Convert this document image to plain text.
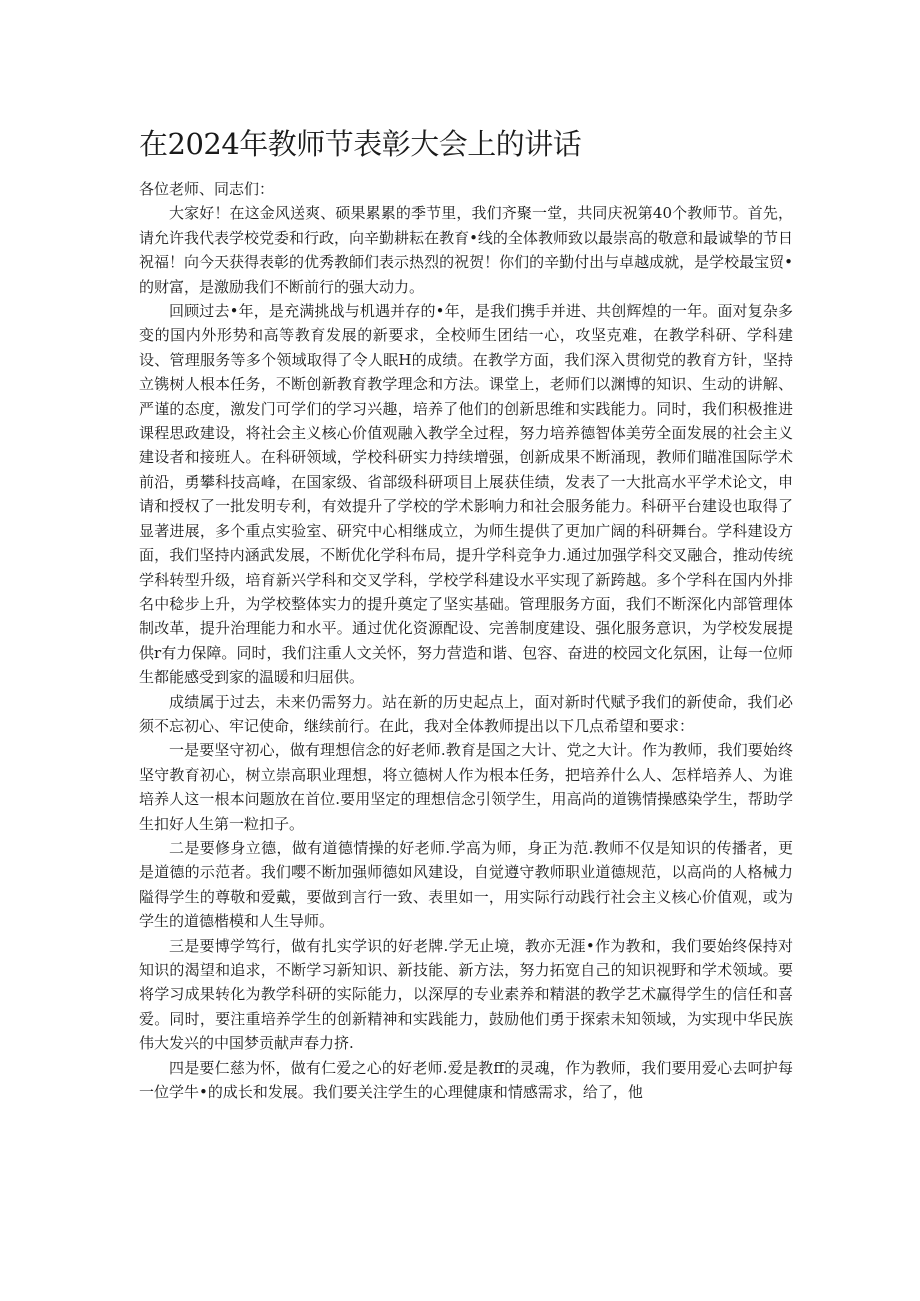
在2024年教师节表彰大会上的讲话

各位老师、同志们：

大家好！在这金风送爽、硕果累累的季节里，我们齐聚一堂，共同庆祝第40个教师节。首先，请允许我代表学校党委和行政，向辛勤耕耘在教育•线的全体教师致以最崇高的敬意和最诚挚的节日祝福！向今天获得表彰的优秀教師们表示热烈的祝贺！你们的辛勤付出与卓越成就，是学校最宝贸•的财富，是激励我们不断前行的强大动力。

回顾过去•年，是充满挑战与机遇并存的•年，是我们携手并进、共创辉煌的一年。面对复杂多变的国内外形势和高等教育发展的新要求，全校师生团结一心，攻坚克难，在教学科研、学科建设、管理服务等多个领域取得了令人眠H的成绩。在教学方面，我们深入贯彻党的教育方针，坚持立镌树人根本任务，不断创新教育教学理念和方法。课堂上，老师们以渊博的知识、生动的讲解、严谨的态度，激发门可学们的学习兴趣，培养了他们的创新思维和实践能力。同时，我们积极推进课程思政建设，将社会主义核心价值观融入教学全过程，努力培养德智体美劳全面发展的社会主义建设者和接班人。在科研领域，学校科研实力持续增强，创新成果不断涌现，教师们瞄准国际学术前沿，勇攀科技高峰，在国家级、省部级科研项目上展获佳绩，发表了一大批高水平学术论文，申请和授权了一批发明专利，有效提升了学校的学术影响力和社会服务能力。科研平台建设也取得了显著进展，多个重点实验室、研究中心相继成立，为师生提供了更加广阔的科研舞台。学科建设方面，我们坚持内涵武发展，不断优化学科布局，提升学科竞争力.通过加强学科交叉融合，推动传统学科转型升级，培育新兴学科和交叉学科，学校学科建设水平实现了新跨越。多个学科在国内外排名中稔步上升，为学校整体实力的提升奠定了坚实基础。管理服务方面，我们不断深化内部管理体制改革，提升治理能力和水平。通过优化资源配设、完善制度建设、强化服务意识，为学校发展提供r有力保障。同时，我们注重人文关怀，努力营造和谐、包容、奋进的校园文化氛困，让每一位师生都能感受到家的温暖和归屈供。

成绩属于过去，未来仍需努力。站在新的历史起点上，面对新时代赋予我们的新使命，我们必须不忘初心、牢记使命，继续前行。在此，我对全体教师提出以下几点希望和要求：

一是要坚守初心，做有理想信念的好老师.教育是国之大计、党之大计。作为教师，我们要始终坚守教育初心，树立崇高职业理想，将立德树人作为根本任务，把培养什么人、怎样培养人、为谁培养人这一根本问题放在首位.要用坚定的理想信念引领学生，用高尚的道镌情操感染学生，帮助学生扣好人生第一粒扣子。

二是要修身立德，做有道德情操的好老师.学高为师，身正为范.教师不仅是知识的传播者，更是道德的示范者。我们嘤不断加强师德如风建设，自觉遵守教师职业道德规范，以高尚的人格械力隘得学生的尊敬和爱戴，要做到言行一致、表里如一，用实际行动践行社会主义核心价值观，或为学生的道德楷模和人生导师。

三是要博学笃行，做有扎实学识的好老牌.学无止境，教亦无涯•作为教和，我们要始终保持对知识的渴望和追求，不断学习新知识、新技能、新方法，努力拓宽自己的知识视野和学术领域。要将学习成果转化为教学科研的实际能力，以深厚的专业素养和精湛的教学艺术赢得学生的信任和喜爱。同时，要注重培养学生的创新精神和实践能力，鼓励他们勇于探索未知领域，为实现中华民族伟大发兴的中国梦贡献声春力挤.

四是要仁慈为怀，做有仁爱之心的好老师.爱是教ff的灵魂，作为教师，我们要用爱心去呵护每一位学牛•的成长和发展。我们要关注学生的心理健康和情感需求，给了，他
